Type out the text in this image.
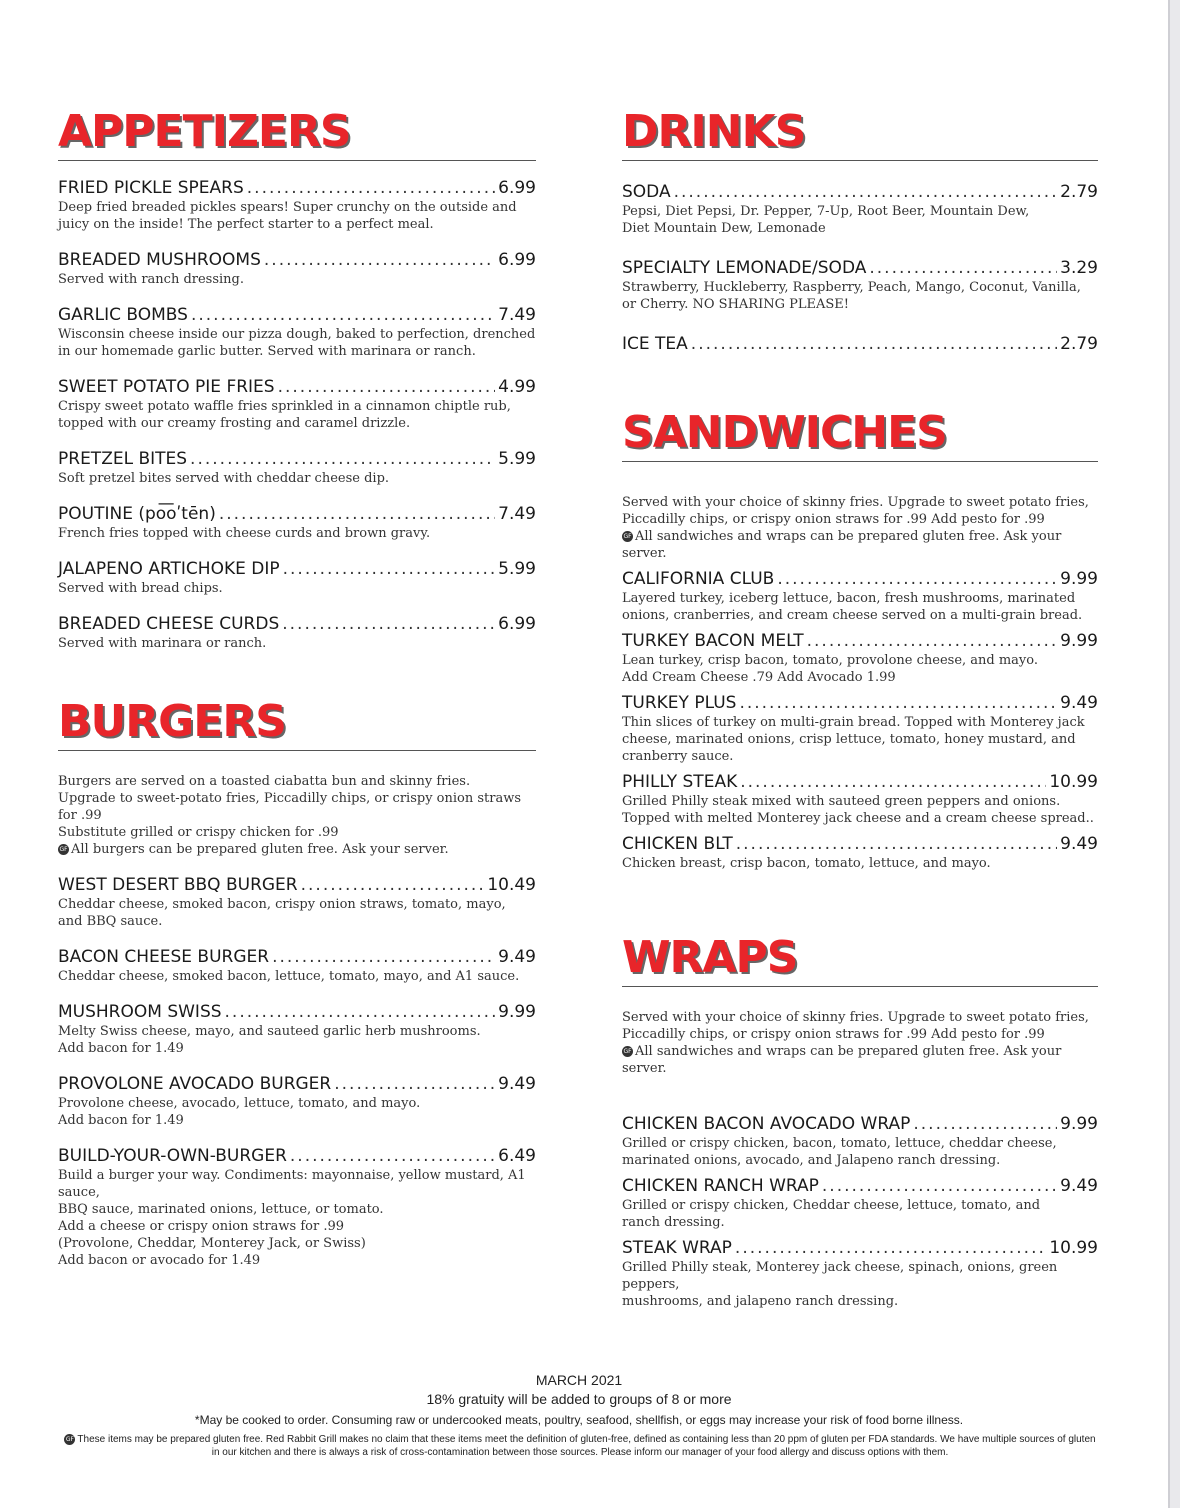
APPETIZERS
FRIED PICKLE SPEARS .....	6.99
Deep fried breaded pickles spears! Super crunchy on the outside and
juicy on the inside! The perfect starter to a perfect meal.
BREADED MUSHROOMS .....	6.99
Served with ranch dressing.
GARLIC BOMBS .....	7.49
Wisconsin cheese inside our pizza dough, baked to perfection, drenched
in our homemade garlic butter. Served with marinara or ranch.
SWEET POTATO PIE FRIES .....	4.99
Crispy sweet potato waffle fries sprinkled in a cinnamon chiptle rub,
topped with our creamy frosting and caramel drizzle.
PRETZEL BITES .....	5.99
Soft pretzel bites served with cheddar cheese dip.
POUTINE (po͞oʹtēn) .....	7.49
French fries topped with cheese curds and brown gravy.
JALAPENO ARTICHOKE DIP .....	5.99
Served with bread chips.
BREADED CHEESE CURDS .....	6.99
Served with marinara or ranch.
BURGERS
Burgers are served on a toasted ciabatta bun and skinny fries.
Upgrade to sweet-potato fries, Piccadilly chips, or crispy onion straws for .99
Substitute grilled or crispy chicken for .99
GF All burgers can be prepared gluten free. Ask your server.
WEST DESERT BBQ BURGER .....	10.49
Cheddar cheese, smoked bacon, crispy onion straws, tomato, mayo,
and BBQ sauce.
BACON CHEESE BURGER .....	9.49
Cheddar cheese, smoked bacon, lettuce, tomato, mayo, and A1 sauce.
MUSHROOM SWISS .....	9.99
Melty Swiss cheese, mayo, and sauteed garlic herb mushrooms.
Add bacon for 1.49
PROVOLONE AVOCADO BURGER .....	9.49
Provolone cheese, avocado, lettuce, tomato, and mayo.
Add bacon for 1.49
BUILD-YOUR-OWN-BURGER .....	6.49
Build a burger your way. Condiments: mayonnaise, yellow mustard, A1 sauce,
BBQ sauce, marinated onions, lettuce, or tomato.
Add a cheese or crispy onion straws for .99
(Provolone, Cheddar, Monterey Jack, or Swiss)
Add bacon or avocado for 1.49
DRINKS
SODA .....	2.79
Pepsi, Diet Pepsi, Dr. Pepper, 7-Up, Root Beer, Mountain Dew,
Diet Mountain Dew, Lemonade
SPECIALTY LEMONADE/SODA .....	3.29
Strawberry, Huckleberry, Raspberry, Peach, Mango, Coconut, Vanilla,
or Cherry. NO SHARING PLEASE!
ICE TEA .....	2.79
SANDWICHES
Served with your choice of skinny fries. Upgrade to sweet potato fries,
Piccadilly chips, or crispy onion straws for .99 Add pesto for .99
GF All sandwiches and wraps can be prepared gluten free. Ask your server.
CALIFORNIA CLUB .....	9.99
Layered turkey, iceberg lettuce, bacon, fresh mushrooms, marinated
onions, cranberries, and cream cheese served on a multi-grain bread.
TURKEY BACON MELT .....	9.99
Lean turkey, crisp bacon, tomato, provolone cheese, and mayo.
Add Cream Cheese .79 Add Avocado 1.99
TURKEY PLUS .....	9.49
Thin slices of turkey on multi-grain bread. Topped with Monterey jack
cheese, marinated onions, crisp lettuce, tomato, honey mustard, and
cranberry sauce.
PHILLY STEAK .....	10.99
Grilled Philly steak mixed with sauteed green peppers and onions.
Topped with melted Monterey jack cheese and a cream cheese spread..
CHICKEN BLT .....	9.49
Chicken breast, crisp bacon, tomato, lettuce, and mayo.
WRAPS
Served with your choice of skinny fries. Upgrade to sweet potato fries,
Piccadilly chips, or crispy onion straws for .99 Add pesto for .99
GF All sandwiches and wraps can be prepared gluten free. Ask your server.
CHICKEN BACON AVOCADO WRAP .....	9.99
Grilled or crispy chicken, bacon, tomato, lettuce, cheddar cheese,
marinated onions, avocado, and Jalapeno ranch dressing.
CHICKEN RANCH WRAP .....	9.49
Grilled or crispy chicken, Cheddar cheese, lettuce, tomato, and
ranch dressing.
STEAK WRAP .....	10.99
Grilled Philly steak, Monterey jack cheese, spinach, onions, green peppers,
mushrooms, and jalapeno ranch dressing.
MARCH 2021
18% gratuity will be added to groups of 8 or more
*May be cooked to order. Consuming raw or undercooked meats, poultry, seafood, shellfish, or eggs may increase your risk of food borne illness.
GF These items may be prepared gluten free. Red Rabbit Grill makes no claim that these items meet the definition of gluten-free, defined as containing less than 20 ppm of gluten per FDA standards. We have multiple sources of gluten in our kitchen and there is always a risk of cross-contamination between those sources. Please inform our manager of your food allergy and discuss options with them.
